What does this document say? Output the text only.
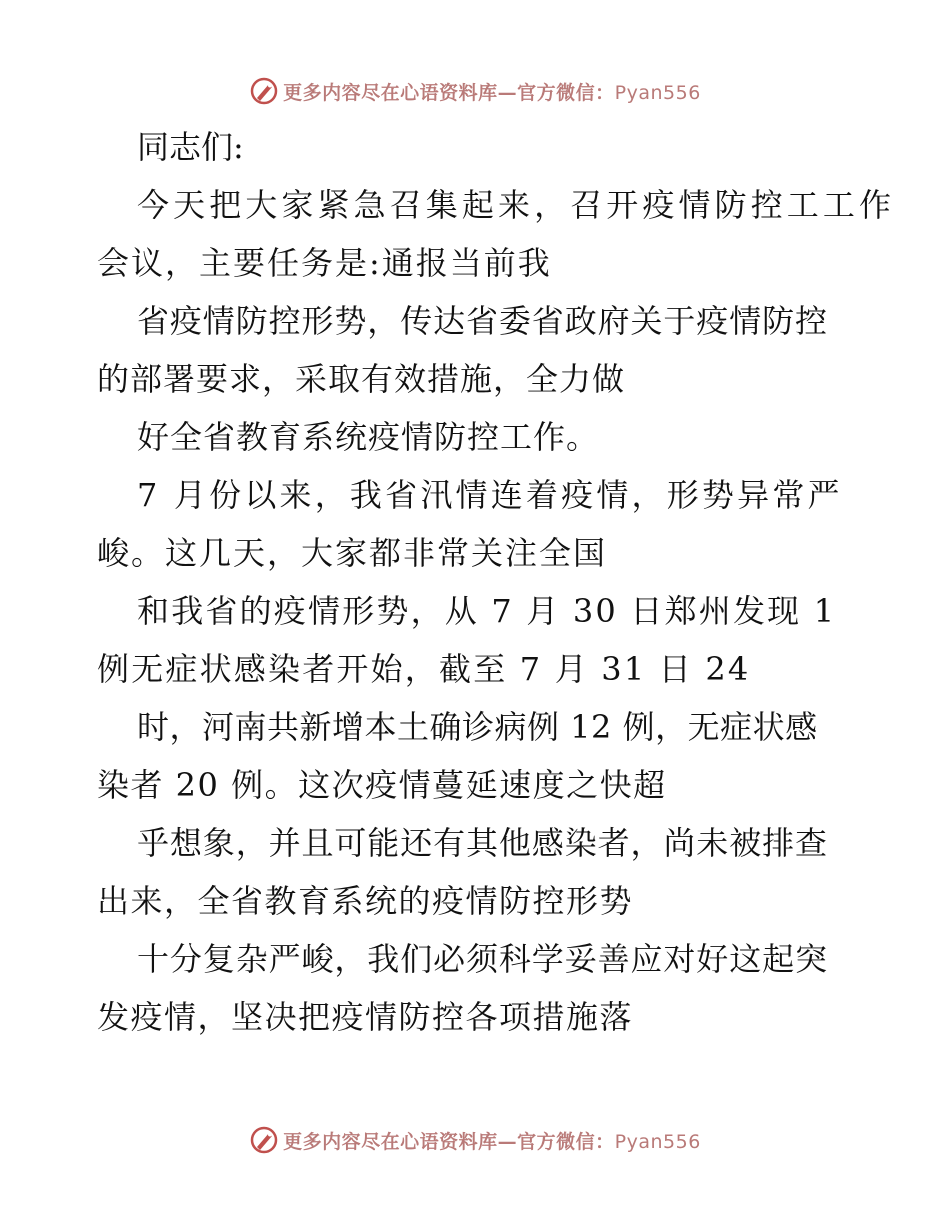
更多内容尽在心语资料库—官方微信：Pyan556
同志们:
今天把大家紧急召集起来，召开疫情防控工工作
会议，主要任务是:通报当前我
省疫情防控形势，传达省委省政府关于疫情防控
的部署要求，采取有效措施，全力做
好全省教育系统疫情防控工作。
7 月份以来，我省汛情连着疫情，形势异常严
峻。这几天，大家都非常关注全国
和我省的疫情形势，从 7 月 30 日郑州发现 1
例无症状感染者开始，截至 7 月 31 日 24
时，河南共新增本土确诊病例 12 例，无症状感
染者 20 例。这次疫情蔓延速度之快超
乎想象，并且可能还有其他感染者，尚未被排查
出来，全省教育系统的疫情防控形势
十分复杂严峻，我们必须科学妥善应对好这起突
发疫情，坚决把疫情防控各项措施落
更多内容尽在心语资料库—官方微信：Pyan556
